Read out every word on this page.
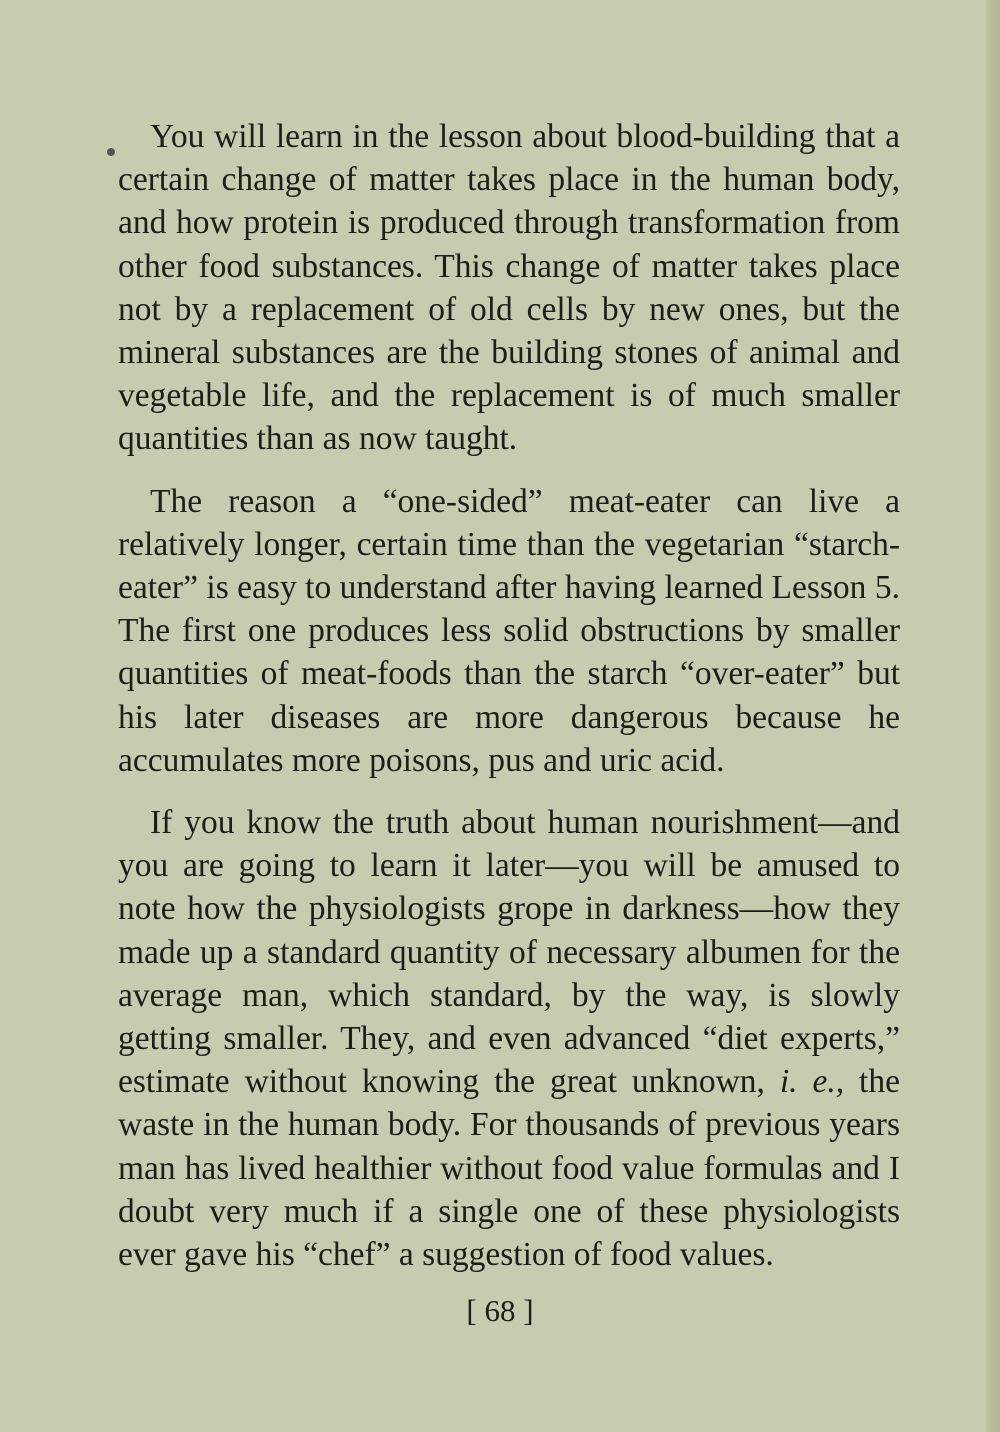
You will learn in the lesson about blood-building that a certain change of matter takes place in the human body, and how protein is produced through transformation from other food substances. This change of matter takes place not by a replacement of old cells by new ones, but the mineral substances are the building stones of animal and vegetable life, and the replacement is of much smaller quantities than as now taught.

The reason a “one-sided” meat-eater can live a relatively longer, certain time than the vegetarian “starch-eater” is easy to understand after having learned Lesson 5. The first one produces less solid obstructions by smaller quantities of meat-foods than the starch “over-eater” but his later diseases are more dangerous because he accumulates more poisons, pus and uric acid.

If you know the truth about human nourishment—and you are going to learn it later—you will be amused to note how the physiologists grope in darkness—how they made up a standard quantity of necessary albumen for the average man, which standard, by the way, is slowly getting smaller. They, and even advanced “diet experts,” estimate without knowing the great unknown, i. e., the waste in the human body. For thousands of previous years man has lived healthier without food value formulas and I doubt very much if a single one of these physiologists ever gave his “chef” a suggestion of food values.

[ 68 ]
